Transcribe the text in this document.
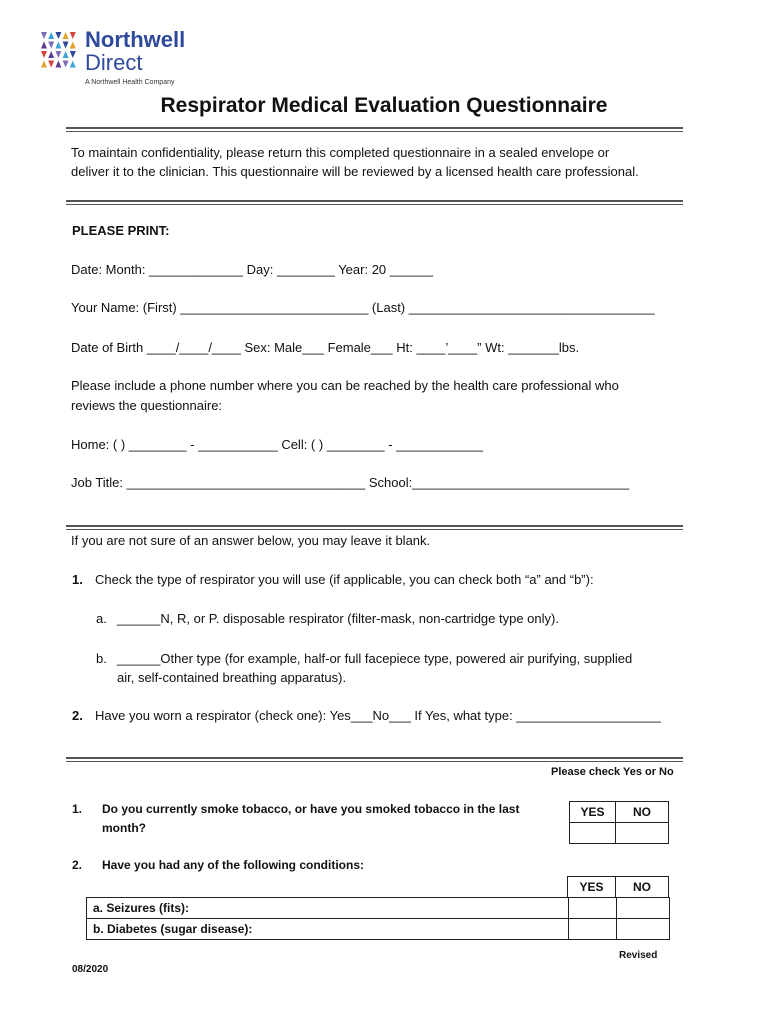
Northwell
Direct
A Northwell Health Company
Respirator Medical Evaluation Questionnaire
To maintain confidentiality, please return this completed questionnaire in a sealed envelope or
deliver it to the clinician. This questionnaire will be reviewed by a licensed health care professional.
PLEASE PRINT:
Date: Month: _____________ Day: ________ Year: 20 ______
Your Name: (First) __________________________ (Last) __________________________________
Date of Birth ____/____/____ Sex: Male___ Female___ Ht: ____’____” Wt: _______lbs.
Please include a phone number where you can be reached by the health care professional who
reviews the questionnaire:
Home: ( ) ________ - ___________ Cell: ( ) ________ - ____________
Job Title: _________________________________ School:______________________________
If you are not sure of an answer below, you may leave it blank.
1. Check the type of respirator you will use (if applicable, you can check both “a” and “b”):
a. ______N, R, or P. disposable respirator (filter-mask, non-cartridge type only).
b. ______Other type (for example, half-or full facepiece type, powered air purifying, supplied
air, self-contained breathing apparatus).
2. Have you worn a respirator (check one): Yes___No___ If Yes, what type: ____________________
Please check Yes or No
1. Do you currently smoke tobacco, or have you smoked tobacco in the last
month?
YES	NO

2. Have you had any of the following conditions:
YES	NO
a. Seizures (fits):		
b. Diabetes (sugar disease):		
Revised
08/2020
